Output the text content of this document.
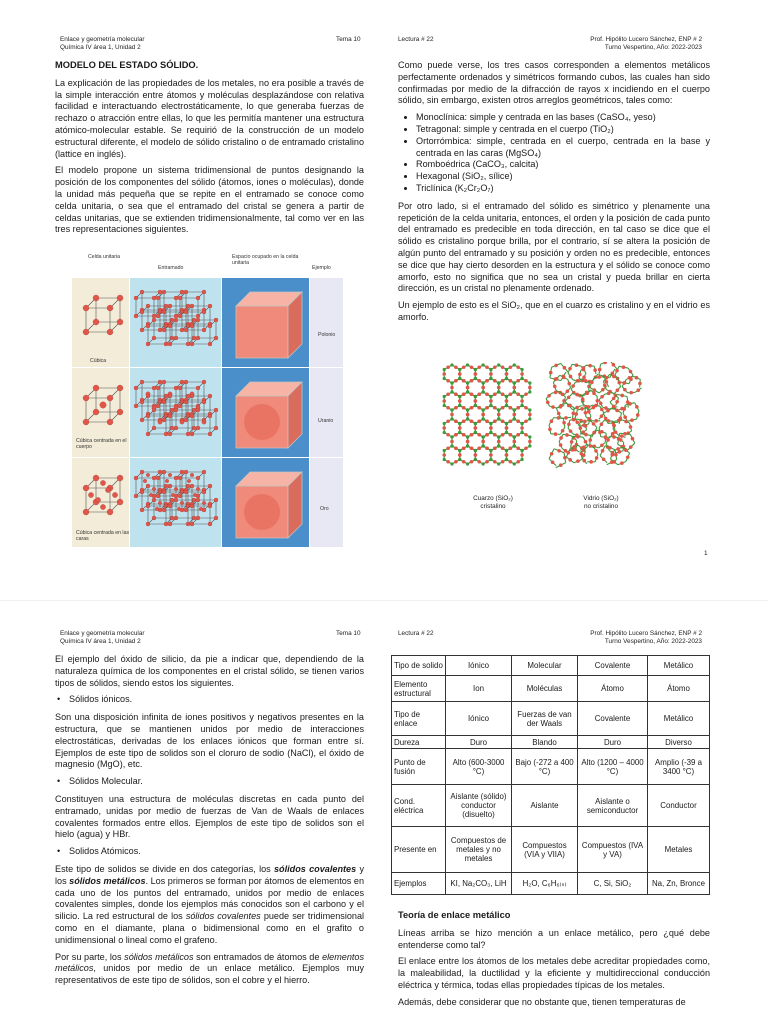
Enlace y geometría molecular
Química IV área 1, Unidad 2
Tema 10	Lectura # 22	Prof. Hipólito Lucero Sánchez, ENP # 2
Turno Vespertino, Año: 2022-2023
MODELO DEL ESTADO SÓLIDO.

La explicación de las propiedades de los metales, no era posible a través de la simple interacción entre átomos y moléculas desplazándose con relativa facilidad e interactuando electrostáticamente, lo que generaba fuerzas de rechazo o atracción entre ellas, lo que les permitía mantener una estructura atómico-molecular estable. Se requirió de la construcción de un modelo estructural diferente, el modelo de sólido cristalino o de entramado cristalino (lattice en inglés).

El modelo propone un sistema tridimensional de puntos designando la posición de los componentes del sólido (átomos, iones o moléculas), donde la unidad más pequeña que se repite en el entramado se conoce como celda unitaria, o sea que el entramado del cristal se genera a partir de celdas unitarias, que se extienden tridimensionalmente, tal como ver en las tres representaciones siguientes.

Celda unitaria
Entramado
Espacio ocupado en la celda unitaria
Ejemplo
Cúbica
Cúbica centrada en el cuerpo
Cúbica centrada en las caras
Polonio
Uranio
Oro

Como puede verse, los tres casos corresponden a elementos metálicos perfectamente ordenados y simétricos formando cubos, las cuales han sido confirmadas por medio de la difracción de rayos x incidiendo en el cuerpo sólido, sin embargo, existen otros arreglos geométricos, tales como:

• Monoclínica: simple y centrada en las bases (CaSO₄, yeso)
• Tetragonal: simple y centrada en el cuerpo (TiO₂)
• Ortorrómbica: simple, centrada en el cuerpo, centrada en la base y centrada en las caras (MgSO₄)
• Romboédrica (CaCO₃, calcita)
• Hexagonal (SiO₂, sílice)
• Triclínica (K₂Cr₂O₇)

Por otro lado, si el entramado del sólido es simétrico y plenamente una repetición de la celda unitaria, entonces, el orden y la posición de cada punto del entramado es predecible en toda dirección, en tal caso se dice que el sólido es cristalino porque brilla, por el contrario, sí se altera la posición de algún punto del entramado y su posición y orden no es predecible, entonces se dice que hay cierto desorden en la estructura y el sólido se conoce como amorfo, esto no significa que no sea un cristal y pueda brillar en cierta dirección, es un cristal no plenamente ordenado.

Un ejemplo de esto es el SiO₂, que en el cuarzo es cristalino y en el vidrio es amorfo.

Cuarzo (SiO₂)
cristalino
Vidrio (SiO₂)
no cristalino
1
Enlace y geometría molecular
Química IV área 1, Unidad 2
Tema 10	Lectura # 22	Prof. Hipólito Lucero Sánchez, ENP # 2
Turno Vespertino, Año: 2022-2023

El ejemplo del óxido de silicio, da pie a indicar que, dependiendo de la naturaleza química de los componentes en el cristal sólido, se tienen varios tipos de sólidos, siendo estos los siguientes.

• Sólidos iónicos.

Son una disposición infinita de iones positivos y negativos presentes en la estructura, que se mantienen unidos por medio de interacciones electrostáticas, derivadas de los enlaces iónicos que forman entre sí. Ejemplos de este tipo de solidos son el cloruro de sodio (NaCl), el óxido de magnesio (MgO), etc.

• Sólidos Molecular.

Constituyen una estructura de moléculas discretas en cada punto del entramado, unidas por medio de fuerzas de Van de Waals de enlaces covalentes formados entre ellos. Ejemplos de este tipo de solidos son el hielo (agua) y HBr.

• Solidos Atómicos.

Este tipo de solidos se divide en dos categorías, los sólidos covalentes y los sólidos metálicos. Los primeros se forman por átomos de elementos en cada uno de los puntos del entramado, unidos por medio de enlaces covalentes simples, donde los ejemplos más conocidos son el carbono y el silicio. La red estructural de los sólidos covalentes puede ser tridimensional como en el diamante, plana o bidimensional como en el grafito o unidimensional o lineal como el grafeno.

Por su parte, los sólidos metálicos son entramados de átomos de elementos metálicos, unidos por medio de un enlace metálico. Ejemplos muy representativos de este tipo de sólidos, son el cobre y el hierro.

Tipo de solido	Iónico	Molecular	Covalente	Metálico
Elemento estructural	Ion	Moléculas	Átomo	Átomo
Tipo de enlace	Iónico	Fuerzas de van der Waals	Covalente	Metálico
Dureza	Duro	Blando	Duro	Diverso
Punto de fusión	Alto (600-3000 °C)	Bajo (-272 a 400 °C)	Alto (1200 – 4000 °C)	Amplio (-39 a 3400 °C)
Cond. eléctrica	Aislante (sólido) conductor (disuelto)	Aislante	Aislante o semiconductor	Conductor
Presente en	Compuestos de metales y no metales	Compuestos (VIA y VIIA)	Compuestos (IVA y VA)	Metales
Ejemplos	KI, Na₂CO₃, LiH	H₂O, C₆H₆₍ₛ₎	C, Si, SiO₂	Na, Zn, Bronce
Teoría de enlace metálico

Líneas arriba se hizo mención a un enlace metálico, pero ¿qué debe entenderse como tal?

El enlace entre los átomos de los metales debe acreditar propiedades como, la maleabilidad, la ductilidad y la eficiente y multidireccional conducción eléctrica y térmica, todas ellas propiedades típicas de los metales.

Además, debe considerar que no obstante que, tienen temperaturas de
